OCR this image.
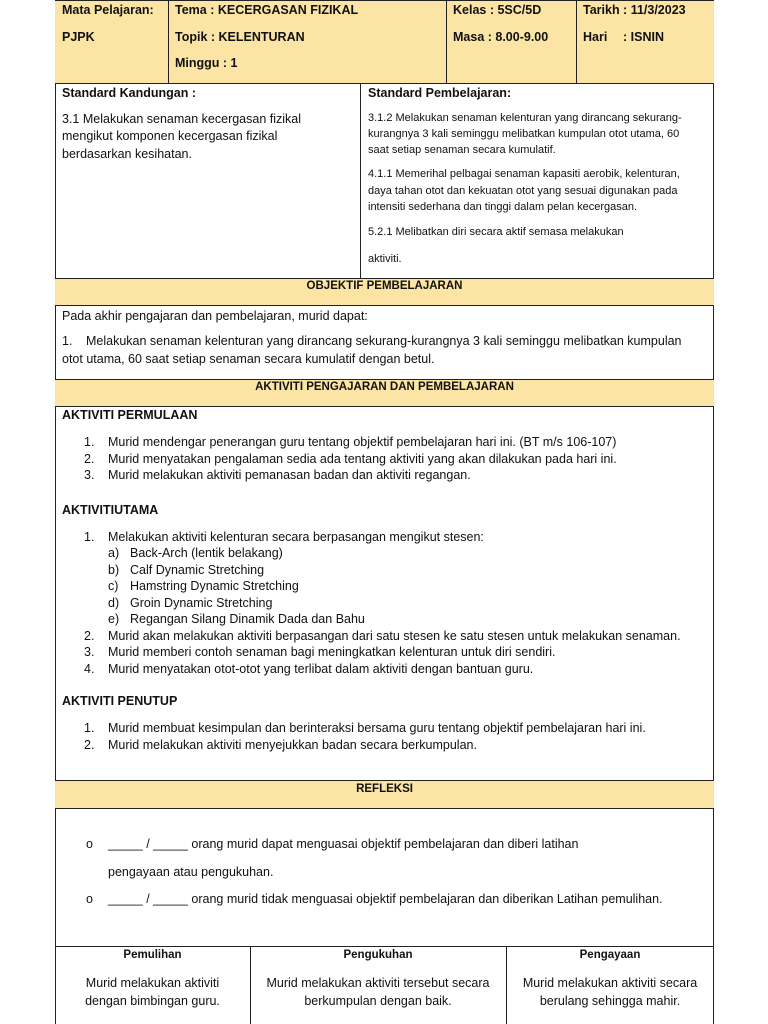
Mata Pelajaran:
PJPK
Tema : KECERGASAN FIZIKAL
Topik : KELENTURAN
Minggu : 1
Kelas : 5SC/5D
Masa : 8.00-9.00
Tarikh : 11/3/2023
Hari : ISNIN
Standard Kandungan :
3.1 Melakukan senaman kecergasan fizikal
mengikut komponen kecergasan fizikal
berdasarkan kesihatan.
Standard Pembelajaran:
3.1.2 Melakukan senaman kelenturan yang dirancang sekurang-
kurangnya 3 kali seminggu melibatkan kumpulan otot utama, 60
saat setiap senaman secara kumulatif.
4.1.1 Memerihal pelbagai senaman kapasiti aerobik, kelenturan,
daya tahan otot dan kekuatan otot yang sesuai digunakan pada
intensiti sederhana dan tinggi dalam pelan kecergasan.
5.2.1 Melibatkan diri secara aktif semasa melakukan
aktiviti.
OBJEKTIF PEMBELAJARAN
Pada akhir pengajaran dan pembelajaran, murid dapat:
1. Melakukan senaman kelenturan yang dirancang sekurang-kurangnya 3 kali seminggu melibatkan kumpulan
otot utama, 60 saat setiap senaman secara kumulatif dengan betul.
AKTIVITI PENGAJARAN DAN PEMBELAJARAN
AKTIVITI PERMULAAN
1. Murid mendengar penerangan guru tentang objektif pembelajaran hari ini. (BT m/s 106-107)
2. Murid menyatakan pengalaman sedia ada tentang aktiviti yang akan dilakukan pada hari ini.
3. Murid melakukan aktiviti pemanasan badan dan aktiviti regangan.
AKTIVITIUTAMA
1. Melakukan aktiviti kelenturan secara berpasangan mengikut stesen:
a) Back-Arch (lentik belakang)
b) Calf Dynamic Stretching
c) Hamstring Dynamic Stretching
d) Groin Dynamic Stretching
e) Regangan Silang Dinamik Dada dan Bahu
2. Murid akan melakukan aktiviti berpasangan dari satu stesen ke satu stesen untuk melakukan senaman.
3. Murid memberi contoh senaman bagi meningkatkan kelenturan untuk diri sendiri.
4. Murid menyatakan otot-otot yang terlibat dalam aktiviti dengan bantuan guru.
AKTIVITI PENUTUP
1. Murid membuat kesimpulan dan berinteraksi bersama guru tentang objektif pembelajaran hari ini.
2. Murid melakukan aktiviti menyejukkan badan secara berkumpulan.
REFLEKSI
o _____ / _____ orang murid dapat menguasai objektif pembelajaran dan diberi latihan
pengayaan atau pengukuhan.
o _____ / _____ orang murid tidak menguasai objektif pembelajaran dan diberikan Latihan pemulihan.
Pemulihan
Murid melakukan aktiviti
dengan bimbingan guru.
Pengukuhan
Murid melakukan aktiviti tersebut secara
berkumpulan dengan baik.
Pengayaan
Murid melakukan aktiviti secara
berulang sehingga mahir.
